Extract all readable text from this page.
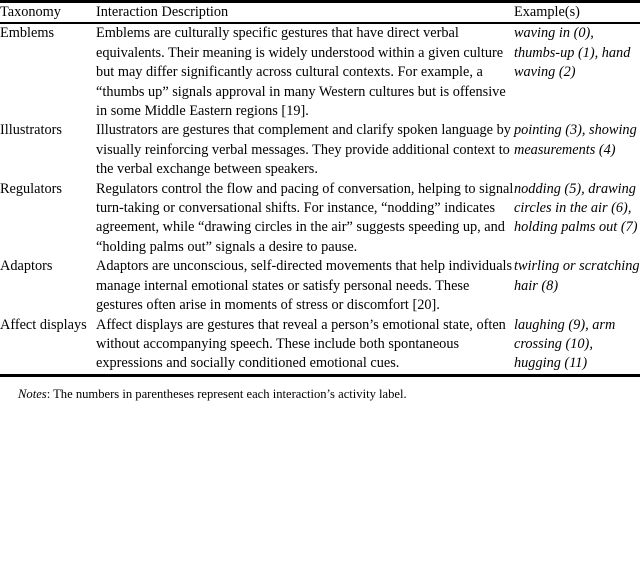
Taxonomy	Interaction Description	Example(s)
Emblems	Emblems are culturally specific gestures that have direct verbal equivalents. Their meaning is widely understood within a given culture but may differ significantly across cultural contexts. For example, a “thumbs up” signals approval in many Western cultures but is offensive in some Middle Eastern regions [19].	waving in (0), thumbs-up (1), hand waving (2)
Illustrators	Illustrators are gestures that complement and clarify spoken language by visually reinforcing verbal messages. They provide additional context to the verbal exchange between speakers.	pointing (3), showing measurements (4)
Regulators	Regulators control the flow and pacing of conversation, helping to signal turn-taking or conversational shifts. For instance, “nodding” indicates agreement, while “drawing circles in the air” suggests speeding up, and “holding palms out” signals a desire to pause.	nodding (5), drawing circles in the air (6), holding palms out (7)
Adaptors	Adaptors are unconscious, self-directed movements that help individuals manage internal emotional states or satisfy personal needs. These gestures often arise in moments of stress or discomfort [20].	twirling or scratching hair (8)
Affect displays	Affect displays are gestures that reveal a person’s emotional state, often without accompanying speech. These include both spontaneous expressions and socially conditioned emotional cues.	laughing (9), arm crossing (10), hugging (11)
Notes: The numbers in parentheses represent each interaction’s activity label.
